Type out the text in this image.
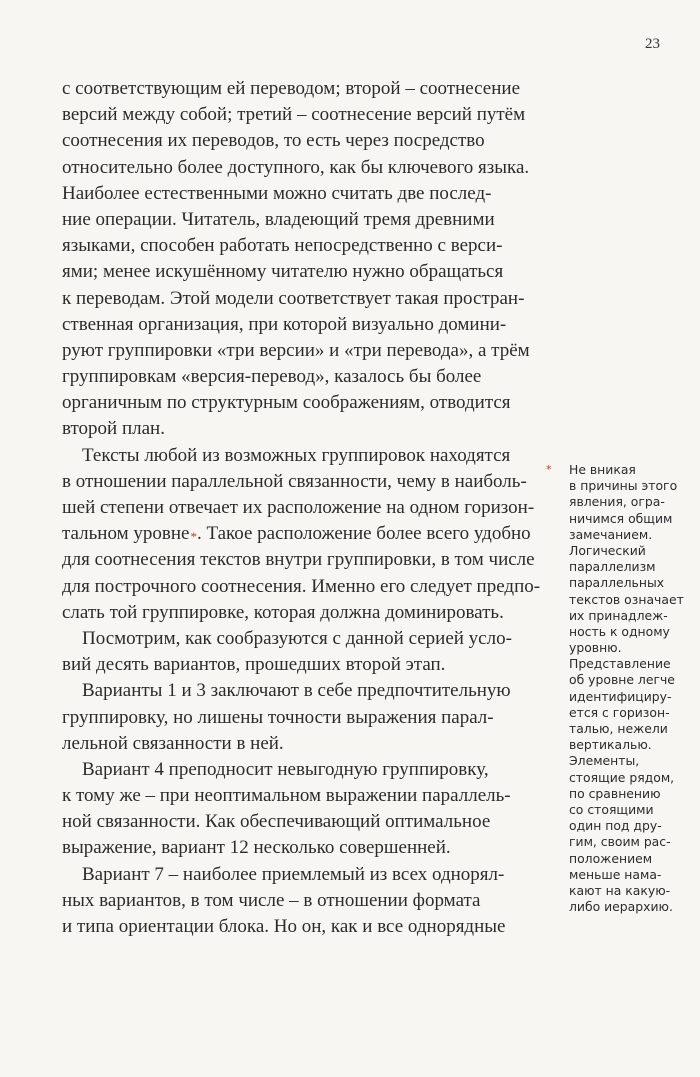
23
с соответствующим ей переводом; второй – соотнесение
версий между собой; третий – соотнесение версий путём
соотнесения их переводов, то есть через посредство
относительно более доступного, как бы ключевого языка.
Наиболее естественными можно считать две послед-
ние операции. Читатель, владеющий тремя древними
языками, способен работать непосредственно с верси-
ями; менее искушённому читателю нужно обращаться
к переводам. Этой модели соответствует такая простран-
ственная организация, при которой визуально домини-
руют группировки «три версии» и «три перевода», а трём
группировкам «версия-перевод», казалось бы более
органичным по структурным соображениям, отводится
второй план.
Тексты любой из возможных группировок находятся
в отношении параллельной связанности, чему в наиболь-
шей степени отвечает их расположение на одном горизон-
тальном уровне*. Такое расположение более всего удобно
для соотнесения текстов внутри группировки, в том числе
для построчного соотнесения. Именно его следует предпо-
слать той группировке, которая должна доминировать.
Посмотрим, как сообразуются с данной серией усло-
вий десять вариантов, прошедших второй этап.
Варианты 1 и 3 заключают в себе предпочтительную
группировку, но лишены точности выражения парал-
лельной связанности в ней.
Вариант 4 преподносит невыгодную группировку,
к тому же – при неоптимальном выражении параллель-
ной связанности. Как обеспечивающий оптимальное
выражение, вариант 12 несколько совершенней.
Вариант 7 – наиболее приемлемый из всех однорял-
ных вариантов, в том числе – в отношении формата
и типа ориентации блока. Но он, как и все однорядные
* Не вникая
в причины этого
явления, огра-
ничимся общим
замечанием.
Логический
параллелизм
параллельных
текстов означает
их принадлеж-
ность к одному
уровню.
Представление
об уровне легче
идентифициру-
ется с горизон-
талью, нежели
вертикалью.
Элементы,
стоящие рядом,
по сравнению
со стоящими
один под дру-
гим, своим рас-
положением
меньше нама-
кают на какую-
либо иерархию.
